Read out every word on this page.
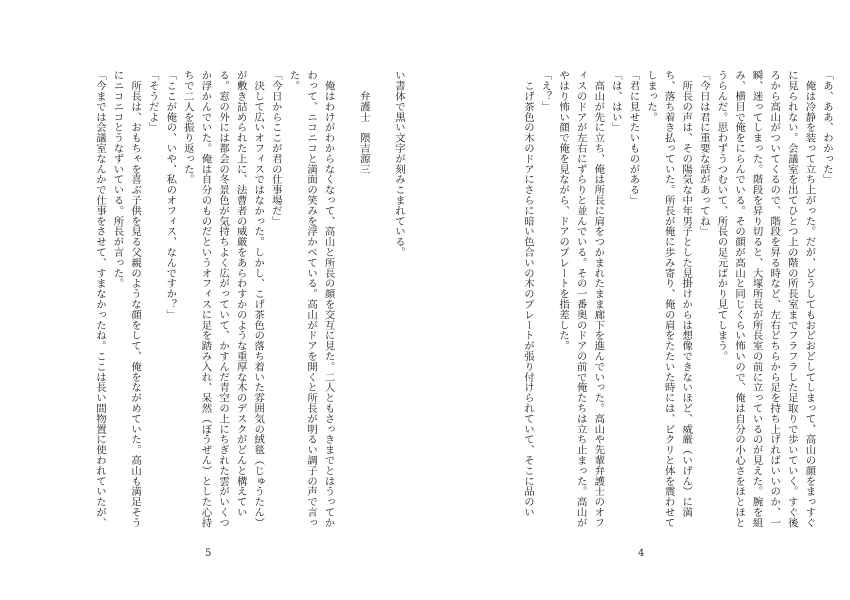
い書体で黒い文字が刻みこまれている。

　　弁護士　隈吉源三

　俺はわけがわからなくなって、高山と所長の顔を交互に見た。二人ともさっきまでとはうってかわって、ニコニコと満面の笑みを浮かべている。高山がドアを開くと所長が明るい調子の声で言った。

「今日からここが君の仕事場だ」

　決して広いオフィスではなかった。しかし、こげ茶色の落ち着いた雰囲気の絨毯（じゅうたん）が敷き詰められた上に、法曹者の威厳をあらわすかのような重厚な木のデスクがどんと構えている。窓の外には都会の冬景色が気持ちよく広がっていて、かすんだ青空の上にちぎれた雲がいくつか浮かんでいた。俺は自分のものだというオフィスに足を踏み入れ、呆然（ぼうぜん）とした心持ちで二人を振り返った。

「ここが俺の、いや、私のオフィス、なんですか？」

「そうだよ」

　所長は、おもちゃを喜ぶ子供を見る父親のような顔をして、俺をながめていた。高山も満足そうにニコニコとうなずいている。所長が言った。

「今までは会議室なんかで仕事をさせて、すまなかったね。ここは長い間物置に使われていたが、

5

「あ、ああ、わかった」

　俺は冷静を装って立ち上がった。だが、どうしてもおどおどしてしまって、高山の顔をまっすぐに見られない。会議室を出てひとつ上の階の所長室までフラフラした足取りで歩いていく。すぐ後ろから高山がついてくるので、階段を昇る時など、左右どちらから足を持ち上げればいいのか、一瞬、迷ってしまった。階段を昇り切ると、大塚所長が所長室の前に立っているのが見えた。腕を組み、横目で俺をにらんでいる。その顔が高山と同じくらい怖いので、俺は自分の小心さをほとほとうらんだ。思わずうつむいて、所長の足元ばかり見てしまう。

「今日は君に重要な話があってね」

　所長の声は、その陽気な中年男子とした見掛けからは想像できないほど、威厳（いげん）に満ち、落ち着き払っていた。所長が俺に歩み寄り、俺の肩をたたいた時には、ビクリと体を震わせてしまった。

「君に見せたいものがある」

「は、はい」

　高山が先に立ち、俺は所長に肩をつかまれたまま廊下を進んでいった。高山や先輩弁護士のオフィスのドアが左右にずらりと並んでいる。その一番奥のドアの前で俺たちは立ち止まった。高山がやはり怖い顔で俺を見ながら、ドアのプレートを指差した。

「え？」

　こげ茶色の木のドアにさらに暗い色合いの木のプレートが張り付けられていて、そこに品のい

4
